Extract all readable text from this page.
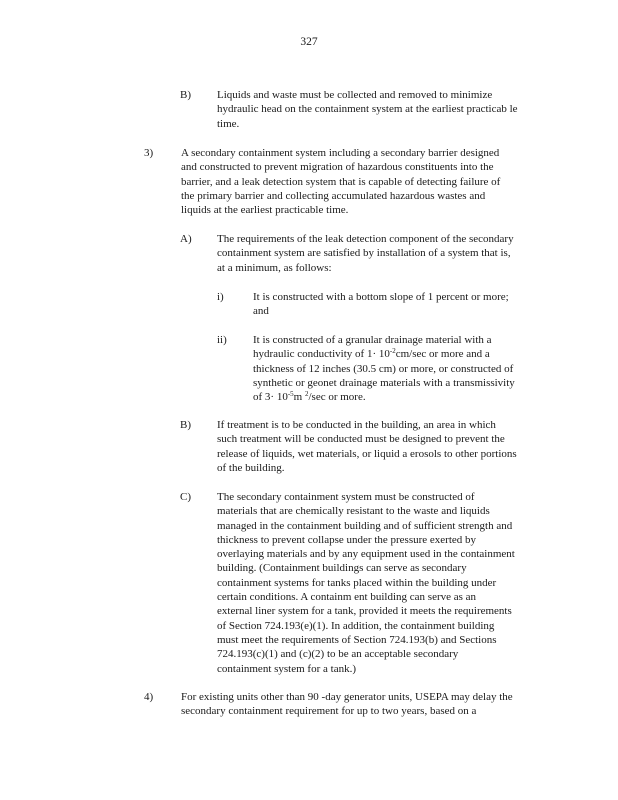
327
B) Liquids and waste must be collected and removed to minimize
hydraulic head on the containment system at the earliest practicab le
time.
3)	A secondary containment system including a secondary barrier designed
and constructed to prevent migration of hazardous constituents into the
barrier, and a leak detection system that is capable of detecting failure of
the primary barrier and collecting accumulated hazardous wastes and
liquids at the earliest practicable time.
A) The requirements of the leak detection component of the secondary
containment system are satisfied by installation of a system that is,
at a minimum, as follows:
i)	It is constructed with a bottom slope of 1 percent or more;
and
ii) It is constructed of a granular drainage material with a
hydraulic conductivity of $1\cdot 10^{-2}cm/\sec$ or more and a
thickness of 12 inches (30.5 cm) or more, or constructed of
synthetic or geonet drainage materials with a transmissivity
of $3\cdot 10^{-5}m$ $^2$/sec or more.
B) If treatment is to be conducted in the building, an area in which
such treatment will be conducted must be designed to prevent the
release of liquids, wet materials, or liquid a erosols to other portions
of the building.
C) The secondary containment system must be constructed of
materials that are chemically resistant to the waste and liquids
managed in the containment building and of sufficient strength and
thickness to prevent collapse under the pressure exerted by
overlaying materials and by any equipment used in the containment
building. (Containment buildings can serve as secondary
containment systems for tanks placed within the building under
certain conditions. A containm ent building can serve as an
external liner system for a tank, provided it meets the requirements
of Section 724.193(e)(1). In addition, the containment building
must meet the requirements of Section 724.193(b) and Sections
724.193(c)(1) and (c)(2) to be an acceptable secondary
containment system for a tank.)
4)	For existing units other than 90 -day generator units, USEPA may delay the
secondary containment requirement for up to two years, based on a
